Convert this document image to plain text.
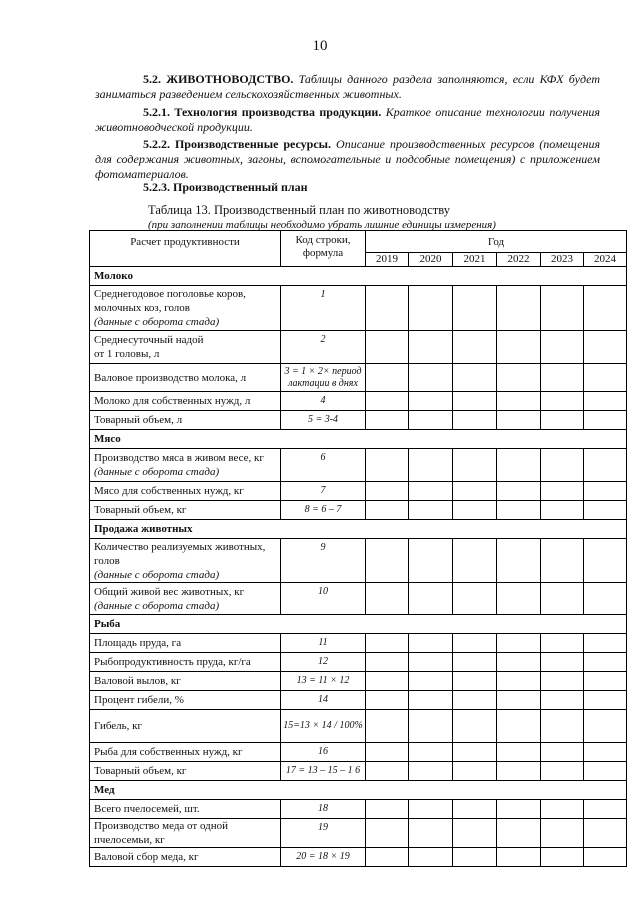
10
5.2. ЖИВОТНОВОДСТВО. Таблицы данного раздела заполняются, если КФХ будет заниматься разведением сельскохозяйственных животных.
5.2.1. Технология производства продукции. Краткое описание технологии получения животноводческой продукции.
5.2.2. Производственные ресурсы. Описание производственных ресурсов (помещения для содержания животных, загоны, вспомогательные и подсобные помещения) с приложением фотоматериалов.
5.2.3. Производственный план
Таблица 13. Производственный план по животноводству
(при заполнении таблицы необходимо убрать лишние единицы измерения)
Расчет продуктивности	Код строки, формула	Год					
		2019	2020	2021	2022	2023	2024
Молоко							
Среднегодовое поголовье коров, молочных коз, голов
(данные с оборота стада)	1						
Среднесуточный надой
от 1 головы, л	2						
Валовое производство молока, л	3 = 1 × 2× период лактации в днях						
Молоко для собственных нужд, л	4						
Товарный объем, л	5 = 3-4						
Мясо							
Производство мяса в живом весе, кг
(данные с оборота стада)	6						
Мясо для собственных нужд, кг	7						
Товарный объем, кг	8 = 6 – 7						
Продажа животных							
Количество реализуемых животных, голов
(данные с оборота стада)	9						
Общий живой вес животных, кг
(данные с оборота стада)	10						
Рыба							
Площадь пруда, га	11						
Рыбопродуктивность пруда, кг/га	12						
Валовой вылов, кг	13 = 11 × 12						
Процент гибели, %	14						
Гибель, кг	15=13 × 14 / 100%						
Рыба для собственных нужд, кг	16						
Товарный объем, кг	17 = 13 – 15 – 1 6						
Мед							
Всего пчелосемей, шт.	18						
Производство меда от одной пчелосемьи, кг	19						
Валовой сбор меда, кг	20 = 18 × 19						
